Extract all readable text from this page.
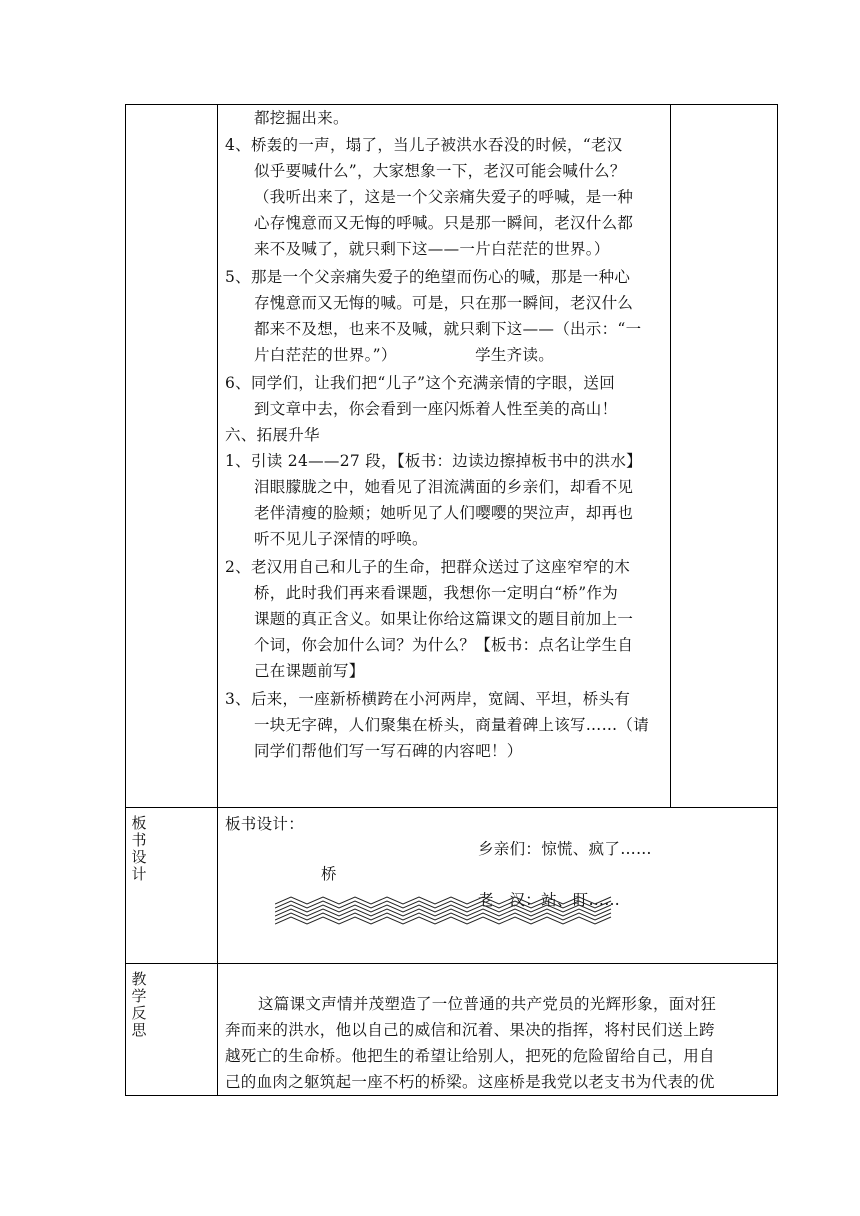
都挖掘出来。
4、桥轰的一声，塌了，当儿子被洪水吞没的时候，“老汉
似乎要喊什么”，大家想象一下，老汉可能会喊什么？
（我听出来了，这是一个父亲痛失爱子的呼喊，是一种
心存愧意而又无悔的呼喊。只是那一瞬间，老汉什么都
来不及喊了，就只剩下这——一片白茫茫的世界。）
5、那是一个父亲痛失爱子的绝望而伤心的喊，那是一种心
存愧意而又无悔的喊。可是，只在那一瞬间，老汉什么
都来不及想，也来不及喊，就只剩下这——（出示：“一
片白茫茫的世界。”）               学生齐读。
6、同学们，让我们把“儿子”这个充满亲情的字眼，送回
到文章中去，你会看到一座闪烁着人性至美的高山！
六、拓展升华
1、引读 24——27 段，【板书：边读边擦掉板书中的洪水】
泪眼朦胧之中，她看见了泪流满面的乡亲们，却看不见
老伴清瘦的脸颊；她听见了人们嘤嘤的哭泣声，却再也
听不见儿子深情的呼唤。
2、老汉用自己和儿子的生命，把群众送过了这座窄窄的木
桥，此时我们再来看课题，我想你一定明白“桥”作为
课题的真正含义。如果让你给这篇课文的题目前加上一
个词，你会加什么词？为什么？【板书：点名让学生自
己在课题前写】
3、后来，一座新桥横跨在小河两岸，宽阔、平坦，桥头有
一块无字碑，人们聚集在桥头，商量着碑上该写……（请
同学们帮他们写一写石碑的内容吧！）
板
书
设
计
板书设计：
乡亲们：惊慌、疯了……
桥
老   汉：站、盯……
教
学
反
思
这篇课文声情并茂塑造了一位普通的共产党员的光辉形象，面对狂
奔而来的洪水，他以自己的威信和沉着、果决的指挥，将村民们送上跨
越死亡的生命桥。他把生的希望让给别人，把死的危险留给自己，用自
己的血肉之躯筑起一座不朽的桥梁。这座桥是我党以老支书为代表的优
